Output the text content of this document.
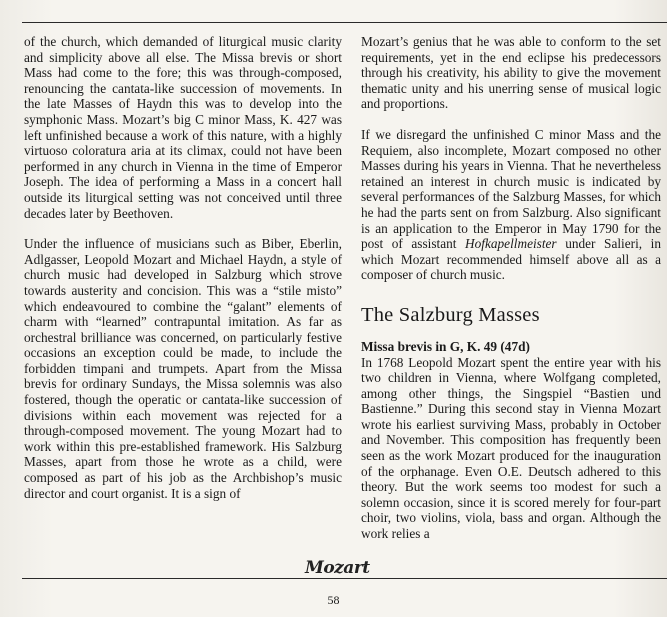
of the church, which demanded of liturgical music clarity and simplicity above all else. The Missa brevis or short Mass had come to the fore; this was through-composed, renouncing the cantata-like succession of movements. In the late Masses of Haydn this was to develop into the symphonic Mass. Mozart’s big C minor Mass, K. 427 was left unfinished because a work of this nature, with a highly virtuoso coloratura aria at its climax, could not have been performed in any church in Vienna in the time of Emperor Joseph. The idea of performing a Mass in a concert hall outside its liturgical setting was not conceived until three decades later by Beethoven.

Under the influence of musicians such as Biber, Eberlin, Adlgasser, Leopold Mozart and Michael Haydn, a style of church music had developed in Salzburg which strove towards austerity and concision. This was a “stile misto” which endeavoured to combine the “galant” elements of charm with “learned” contrapuntal imitation. As far as orchestral brilliance was concerned, on particularly festive occasions an exception could be made, to include the forbidden timpani and trumpets. Apart from the Missa brevis for ordinary Sundays, the Missa solemnis was also fostered, though the operatic or cantata-like succession of divisions within each movement was rejected for a through-composed movement. The young Mozart had to work within this pre-established framework. His Salzburg Masses, apart from those he wrote as a child, were composed as part of his job as the Archbishop’s music director and court organist. It is a sign of

Mozart’s genius that he was able to conform to the set requirements, yet in the end eclipse his predecessors through his creativity, his ability to give the movement thematic unity and his unerring sense of musical logic and proportions.

If we disregard the unfinished C minor Mass and the Requiem, also incomplete, Mozart composed no other Masses during his years in Vienna. That he nevertheless retained an interest in church music is indicated by several performances of the Salzburg Masses, for which he had the parts sent on from Salzburg. Also significant is an application to the Emperor in May 1790 for the post of assistant Hofkapellmeister under Salieri, in which Mozart recommended himself above all as a composer of church music.

The Salzburg Masses

Missa brevis in G, K. 49 (47d)

In 1768 Leopold Mozart spent the entire year with his two children in Vienna, where Wolfgang completed, among other things, the Singspiel “Bastien und Bastienne.” During this second stay in Vienna Mozart wrote his earliest surviving Mass, probably in October and November. This composition has frequently been seen as the work Mozart produced for the inauguration of the orphanage. Even O.E. Deutsch adhered to this theory. But the work seems too modest for such a solemn occasion, since it is scored merely for four-part choir, two violins, viola, bass and organ. Although the work relies a

Mozart
58
